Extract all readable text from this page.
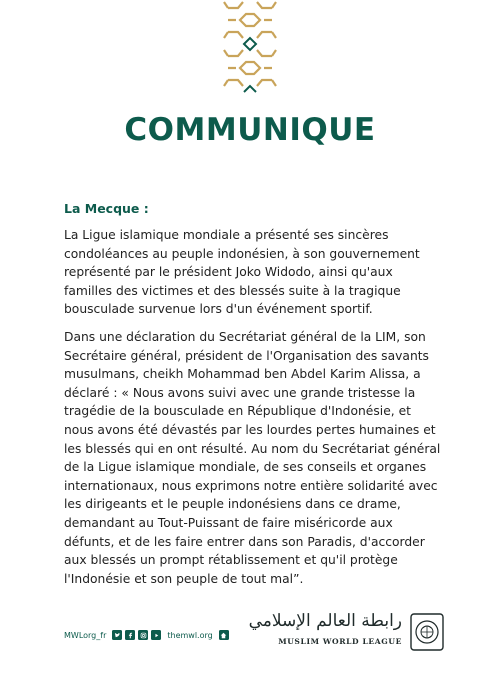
COMMUNIQUE

La Mecque :

La Ligue islamique mondiale a présenté ses sincères condoléances au peuple indonésien, à son gouvernement représenté par le président Joko Widodo, ainsi qu'aux familles des victimes et des blessés suite à la tragique bousculade survenue lors d'un événement sportif.

Dans une déclaration du Secrétariat général de la LIM, son Secrétaire général, président de l'Organisation des savants musulmans, cheikh Mohammad ben Abdel Karim Alissa, a déclaré : « Nous avons suivi avec une grande tristesse la tragédie de la bousculade en République d'Indonésie, et nous avons été dévastés par les lourdes pertes humaines et les blessés qui en ont résulté. Au nom du Secrétariat général de la Ligue islamique mondiale, de ses conseils et organes internationaux, nous exprimons notre entière solidarité avec les dirigeants et le peuple indonésiens dans ce drame, demandant au Tout-Puissant de faire miséricorde aux défunts, et de les faire entrer dans son Paradis, d'accorder aux blessés un prompt rétablissement et qu'il protège l'Indonésie et son peuple de tout mal”.

MWLorg_fr	themwl.org
رابطة العالم الإسلامي
MUSLIM WORLD LEAGUE
